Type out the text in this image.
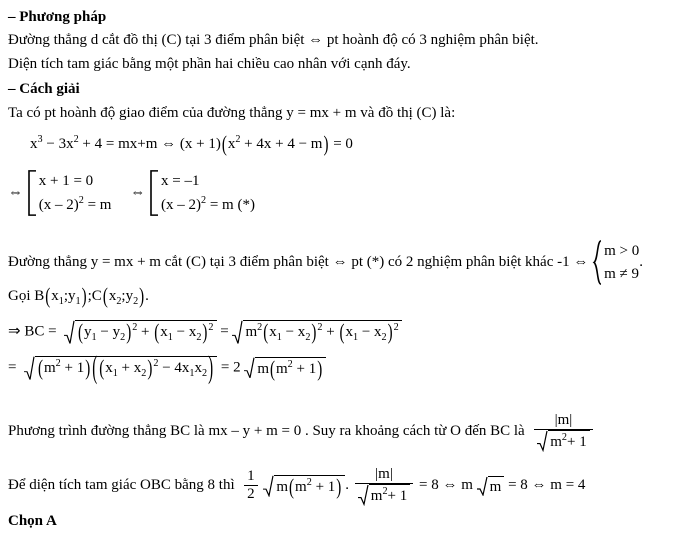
– Phương pháp
Đường thẳng d cắt đồ thị (C) tại 3 điểm phân biệt ⇔ pt hoành độ có 3 nghiệm phân biệt.
Diện tích tam giác bằng một phần hai chiều cao nhân với cạnh đáy.
– Cách giải
Ta có pt hoành độ giao điểm của đường thẳng y = mx + m và đồ thị (C) là:
$x^3 - 3x^2 + 4 = mx+m$ ⇔ $(x + 1)(x^2 + 4x + 4 - m) = 0$
⇔
x + 1 = 0
(x – 2)$^2$ = m
⇔
x = –1
(x – 2)$^2$ = m (*)
Đường thẳng y = mx + m cắt (C) tại 3 điểm phân biệt ⇔ pt (*) có 2 nghiệm phân biệt khác -1 ⇔
m > 0
m ≠ 9
.
Gọi $B(x_1;y_1);C(x_2;y_2)$.
⇒ BC = $(y_1 - y_2)^2 + (x_1 - x_2)^2 = m^2(x_1 - x_2)^2 + (x_1 - x_2)^2$
= $(m^2 + 1)$ ( $(x_1 + x_2)^2 - 4x_1x_2) = 2$ $m(m^2 + 1)$
Phương trình đường thẳng BC là mx – y + m = 0 . Suy ra khoảng cách từ O đến BC là $\frac{|m|}{m^2+ 1}$
Để diện tích tam giác OBC bằng 8 thì $\frac{1}{2}$
$m(m^2 + 1)$ . $\frac{|m|}{m^2+ 1} = 8$ ⇔ m m = 8 ⇔ m = 4
Chọn A
